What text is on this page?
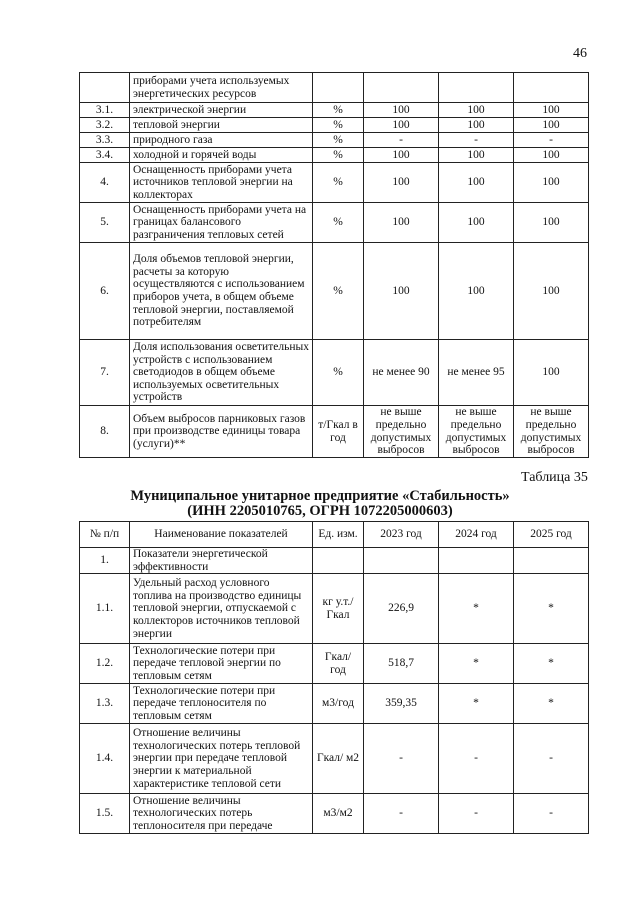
46
	приборами учета используемых энергетических ресурсов				
3.1.	электрической энергии	%	100	100	100
3.2.	тепловой энергии	%	100	100	100
3.3.	природного газа	%	-	-	-
3.4.	холодной и горячей воды	%	100	100	100
4.	Оснащенность приборами учета источников тепловой энергии на коллекторах	%	100	100	100
5.	Оснащенность приборами учета на границах балансового разграничения тепловых сетей	%	100	100	100
6.	Доля объемов тепловой энергии, расчеты за которую осуществляются с использованием приборов учета, в общем объеме тепловой энергии, поставляемой потребителям	%	100	100	100
7.	Доля использования осветительных устройств с использованием светодиодов в общем объеме используемых осветительных устройств	%	не менее 90	не менее 95	100
8.	Объем выбросов парниковых газов при производстве единицы товара (услуги)**	т/Гкал в год	не выше предельно допустимых выбросов	не выше предельно допустимых выбросов	не выше предельно допустимых выбросов
Таблица 35
Муниципальное унитарное предприятие «Стабильность»
(ИНН 2205010765, ОГРН 1072205000603)
№ п/п	Наименование показателей	Ед. изм.	2023 год	2024 год	2025 год
1.	Показатели энергетической эффективности				
1.1.	Удельный расход условного топлива на производство единицы тепловой энергии, отпускаемой с коллекторов источников тепловой энергии	кг у.т./ Гкал	226,9	*	*
1.2.	Технологические потери при передаче тепловой энергии по тепловым сетям	Гкал/ год	518,7	*	*
1.3.	Технологические потери при передаче теплоносителя по тепловым сетям	м3/год	359,35	*	*
1.4.	Отношение величины технологических потерь тепловой энергии при передаче тепловой энергии к материальной характеристике тепловой сети	Гкал/ м2	-	-	-
1.5.	Отношение величины технологических потерь теплоносителя при передаче	м3/м2	-	-	-
